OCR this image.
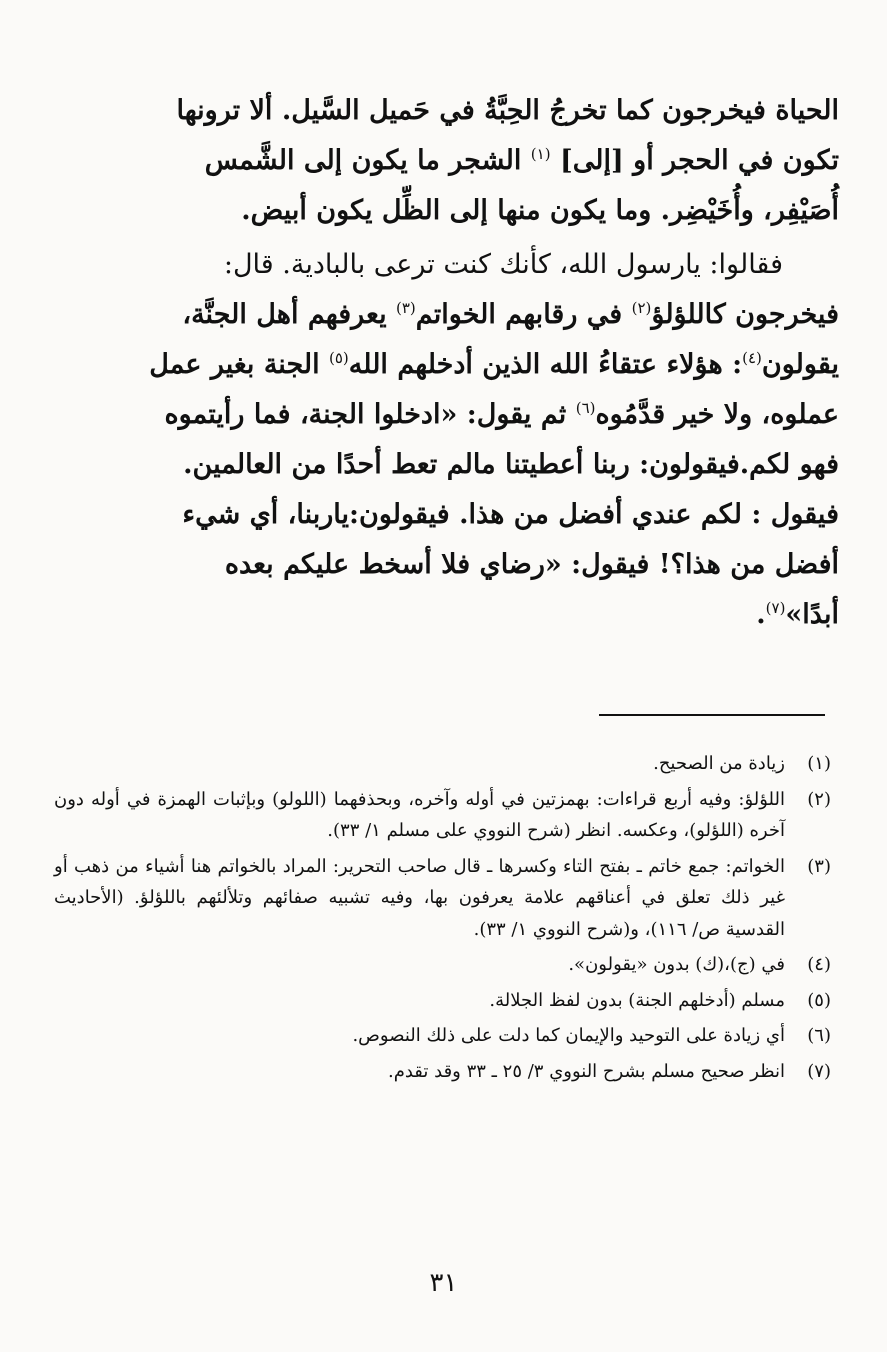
الحياة فيخرجون كما تخرجُ الحِبَّةُ في حَميل السَّيل. ألا ترونها
تكون في الحجر أو [إلى] $^{(١)}$ الشجر ما يكون إلى الشَّمس
أُصَيْفِر، وأُخَيْضِر. وما يكون منها إلى الظِّل يكون أبيض.

فقالوا: يارسول الله، كأنك كنت ترعى بالبادية. قال:
فيخرجون كاللؤلؤ$^{(٢)}$ في رقابهم الخواتم$^{(٣)}$ يعرفهم أهل الجنَّة،
يقولون$^{(٤)}$: هؤلاء عتقاءُ الله الذين أدخلهم الله$^{(٥)}$ الجنة بغير عمل
عملوه، ولا خير قدَّمُوه$^{(٦)}$ ثم يقول: «ادخلوا الجنة، فما رأيتموه
فهو لكم.فيقولون: ربنا أعطيتنا مالم تعط أحدًا من العالمين.
فيقول : لكم عندي أفضل من هذا. فيقولون:ياربنا، أي شيء
أفضل من هذا؟! فيقول: «رضاي فلا أسخط عليكم بعده
أبدًا»$^{(٧)}$.

(١)
زيادة من الصحيح.
(٢)
اللؤلؤ: وفيه أربع قراءات: بهمزتين في أوله وآخره، وبحذفهما (اللولو) وبإثبات الهمزة في أوله دون آخره (اللؤلو)، وعكسه. انظر (شرح النووي على مسلم ١/ ٣٣).
(٣)
الخواتم: جمع خاتم ـ بفتح التاء وكسرها ـ قال صاحب التحرير: المراد بالخواتم هنا أشياء من ذهب أو غير ذلك تعلق في أعناقهم علامة يعرفون بها، وفيه تشبيه صفائهم وتلألئهم باللؤلؤ. (الأحاديث القدسية ص/ ١١٦)، و(شرح النووي ١/ ٣٣).
(٤)
في (ج)،(ك) بدون «يقولون».
(٥)
مسلم (أدخلهم الجنة) بدون لفظ الجلالة.
(٦)
أي زيادة على التوحيد والإيمان كما دلت على ذلك النصوص.
(٧)
انظر صحيح مسلم بشرح النووي ٣/ ٢٥ ـ ٣٣ وقد تقدم.
٣١
